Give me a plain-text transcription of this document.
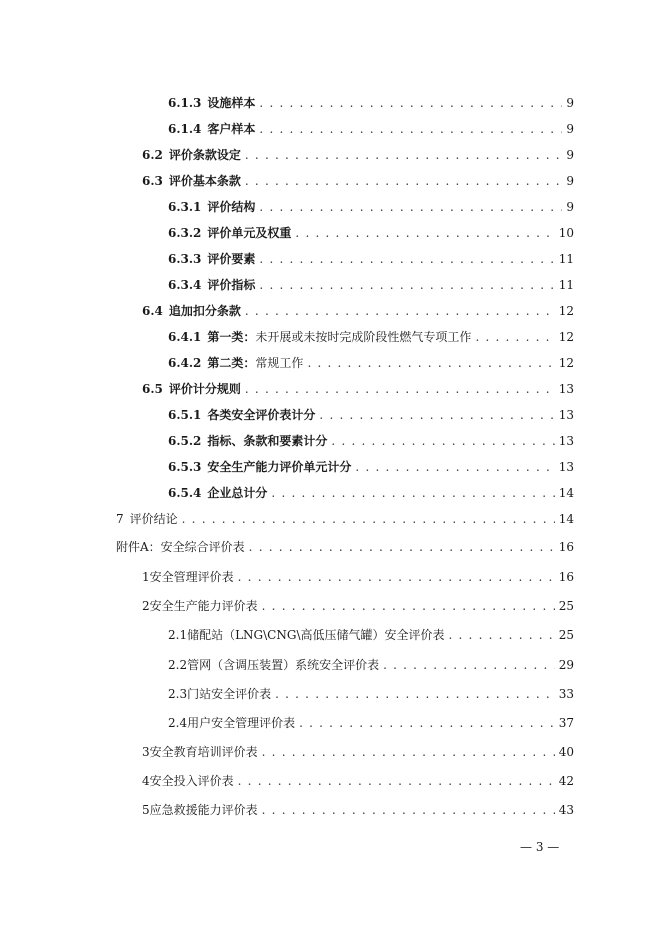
6.1.3 设施样本 . . .	9
6.1.4 客户样本 . . .	9
6.2 评价条款设定 . . .	9
6.3 评价基本条款 . . .	9
6.3.1 评价结构 . . .	9
6.3.2 评价单元及权重 . . .	10
6.3.3 评价要素 . . .	11
6.3.4 评价指标 . . .	11
6.4 追加扣分条款 . . .	12
6.4.1 第一类：未开展或未按时完成阶段性燃气专项工作 . . .	12
6.4.2 第二类：常规工作 . . .	12
6.5 评价计分规则 . . .	13
6.5.1 各类安全评价表计分 . . .	13
6.5.2 指标、条款和要素计分 . . .	13
6.5.3 安全生产能力评价单元计分 . . .	13
6.5.4 企业总计分 . . .	14
7 评价结论 . . .	14
附件A：安全综合评价表 . . .	16
1安全管理评价表 . . .	16
2安全生产能力评价表 . . .	25
2.1储配站（LNG\CNG\高低压储气罐）安全评价表 . . .	25
2.2管网（含调压装置）系统安全评价表 . . .	29
2.3门站安全评价表 . . .	33
2.4用户安全管理评价表 . . .	37
3安全教育培训评价表 . . .	40
4安全投入评价表 . . .	42
5应急救援能力评价表 . . .	43
— 3 —
